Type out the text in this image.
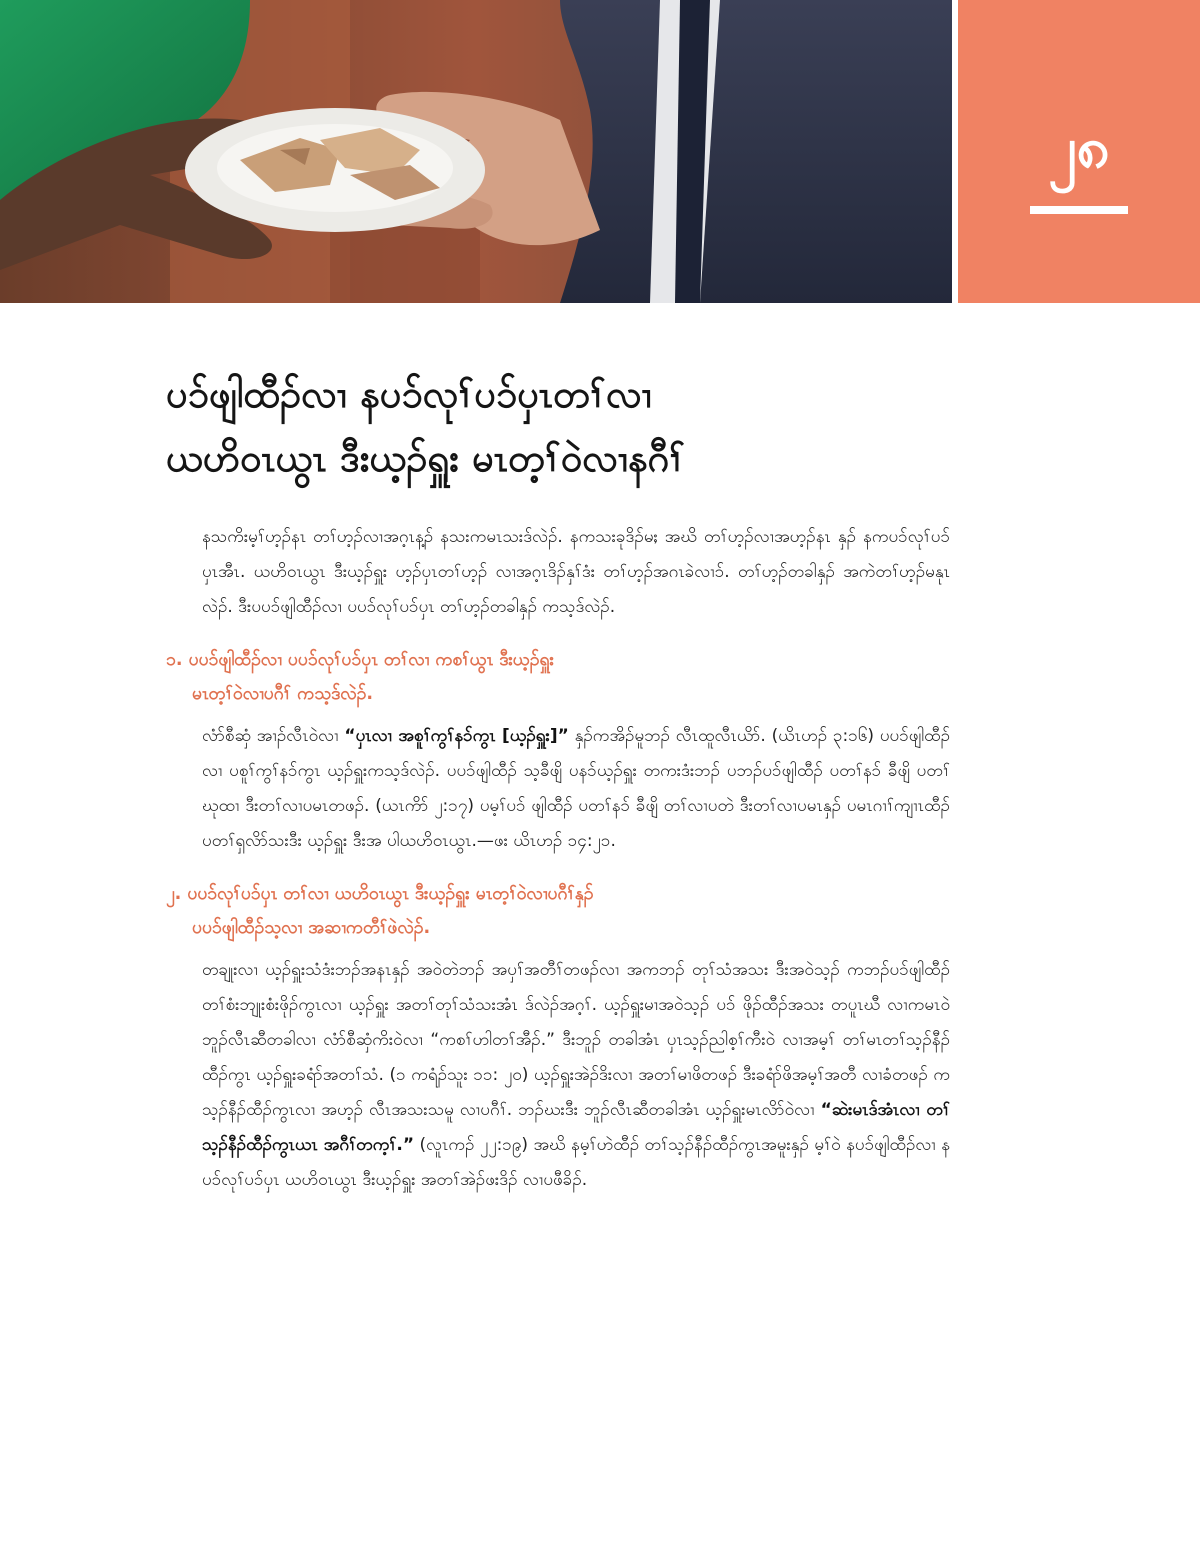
၂၈
ပၥ်ဖျါထီၣ်လၢ နပၥ်လုၢ်ပၥ်ပှၤတၢ်လၢ
ယဟိဝၤယွၤ ဒီးယ့ၣ်ရှူး မၤတ့ၢ်ဝဲလၢနဂီၢ်

နသကိးမ့ၢ်ဟ့ၣ်နၤ တၢ်ဟ့ၣ်လၢအဂ့ၤန့ၣ် နသးကမၤသးဒ်လဲၣ်. နကသးခုဒိၣ်မႈ အဃိ တၢ်ဟ့ၣ်လၢအဟ့ၣ်နၤ နှၣ် နကပၥ်လုၢ်ပၥ်ပှၤအီၤ. ယဟိဝၤယွၤ ဒီးယ့ၣ်ရှူး ဟ့ၣ်ပှၤတၢ်ဟ့ၣ် လၢအဂ့ၤဒိၣ်နှၢ်ဒံး တၢ်ဟ့ၣ်အဂၤခဲလၢၥ်. တၢ်ဟ့ၣ်တခါနှၣ် အကဲတၢ်ဟ့ၣ်မနုၤလဲၣ်. ဒီးပပၥ်ဖျါထီၣ်လၢ ပပၥ်လုၢ်ပၥ်ပှၤ တၢ်ဟ့ၣ်တခါနှၣ် ကသ့ဒ်လဲၣ်.

၁. ပပၥ်ဖျါထီၣ်လၢ ပပၥ်လုၢ်ပၥ်ပှၤ တၢ်လၢ ကစၢ်ယွၤ ဒီးယ့ၣ်ရှူး
မၤတ့ၢ်ဝဲလၢပဂီၢ် ကသ့ဒ်လဲၣ်.

လံာ်စီဆှံ အၢၣ်လီၤဝဲလၢ “ပှၤလၢ အစူၢ်ကွၢ်နၥ်ကွၤ [ယ့ၣ်ရှူး]” နှၣ်ကအိၣ်မူဘၣ် လီၤထူလီၤယိာ်. (ယိၤဟၣ် ၃:၁၆) ပပၥ်ဖျါထီၣ်လၢ ပစူၢ်ကွၢ်နၥ်ကွၤ ယ့ၣ်ရှူးကသ့ဒ်လဲၣ်. ပပၥ်ဖျါထီၣ် သ့ခီဖျိ ပနၥ်ယ့ၣ်ရှူး တကးဒံးဘၣ် ပဘၣ်ပၥ်ဖျါထီၣ် ပတၢ်နၥ် ခီဖျိ ပတၢ်ဃုထၢ ဒီးတၢ်လၢပမၤတဖၣ်. (ယၤကိာ် ၂:၁၇) ပမ့ၢ်ပၥ် ဖျါထီၣ် ပတၢ်နၥ် ခီဖျိ တၢ်လၢပတဲ ဒီးတၢ်လၢပမၤနှၣ် ပမၤဂၢၢ်ကျၢၤထီၣ် ပတၢ်ရှလိာ်သးဒီး ယ့ၣ်ရှူး ဒီးအ ပါယဟိဝၤယွၤ.—ဖး ယိၤဟၣ် ၁၄:၂၁.

၂. ပပၥ်လုၢ်ပၥ်ပှၤ တၢ်လၢ ယဟိဝၤယွၤ ဒီးယ့ၣ်ရှူး မၤတ့ၢ်ဝဲလၢပဂီၢ်နှၣ်
ပပၥ်ဖျါထီၣ်သ့လၢ အဆၢကတီၢ်ဖဲလဲၣ်.

တချုးလၢ ယ့ၣ်ရှူးသံဒံးဘၣ်အနၤနှၣ် အဝဲတဲဘၣ် အပှၢ်အတီၢ်တဖၣ်လၢ အကဘၣ် တုၢ်သံအသး ဒီးအဝဲသ့ၣ် ကဘၣ်ပၥ်ဖျါထီၣ် တၢ်စံးဘျုးစံးဖိုၣ်ကွၤလၢ ယ့ၣ်ရှူး အတၢ်တုၢ်သံသးအံၤ ဒ်လဲၣ်အဂ့ၢ်. ယ့ၣ်ရှူးမၢအဝဲသ့ၣ် ပၥ် ဖိုၣ်ထီၣ်အသး တပူၤဃီ လၢကမၤဝဲ ဘူၣ်လီၤဆီတခါလၢ လံာ်စီဆှံကိးဝဲလၢ “ကစၢ်ဟါတၢ်အီၣ်.” ဒီးဘူၣ် တခါအံၤ ပှၤသ့ၣ်ညါစ့ၢ်ကီးဝဲ လၢအမ့ၢ် တၢ်မၤတၢ်သ့ၣ်နီၣ်ထီၣ်ကွၤ ယ့ၣ်ရှူးခရံာ်အတၢ်သံ. (၁ ကရံၣ်သူး ၁၁: ၂၀) ယ့ၣ်ရှူးအဲၣ်ဒိးလၢ အတၢ်မၢဖိတဖၣ် ဒီးခရံာ်ဖိအမ့ၢ်အတီ လၢခံတဖၣ် ကသ့ၣ်နီၣ်ထီၣ်ကွၤလၢ အဟ့ၣ် လီၤအသးသမူ လၢပဂီၢ်. ဘၣ်ဃးဒီး ဘူၣ်လီၤဆီတခါအံၤ ယ့ၣ်ရှူးမၤလိာ်ဝဲလၢ “ဆဲးမၤဒ်အံၤလၢ တၢ်သ့ၣ်နီၣ်ထီၣ်ကွၤယၤ အဂီၢ်တက့ၢ်.” (လူၤကၣ် ၂၂:၁၉) အဃိ နမ့ၢ်ဟဲထီၣ် တၢ်သ့ၣ်နီၣ်ထီၣ်ကွၤအမူးနှၣ် မ့ၢ်ဝဲ နပၥ်ဖျါထီၣ်လၢ နပၥ်လုၢ်ပၥ်ပှၤ ယဟိဝၤယွၤ ဒီးယ့ၣ်ရှူး အတၢ်အဲၣ်ဖးဒိၣ် လၢပဖီခိၣ်.
